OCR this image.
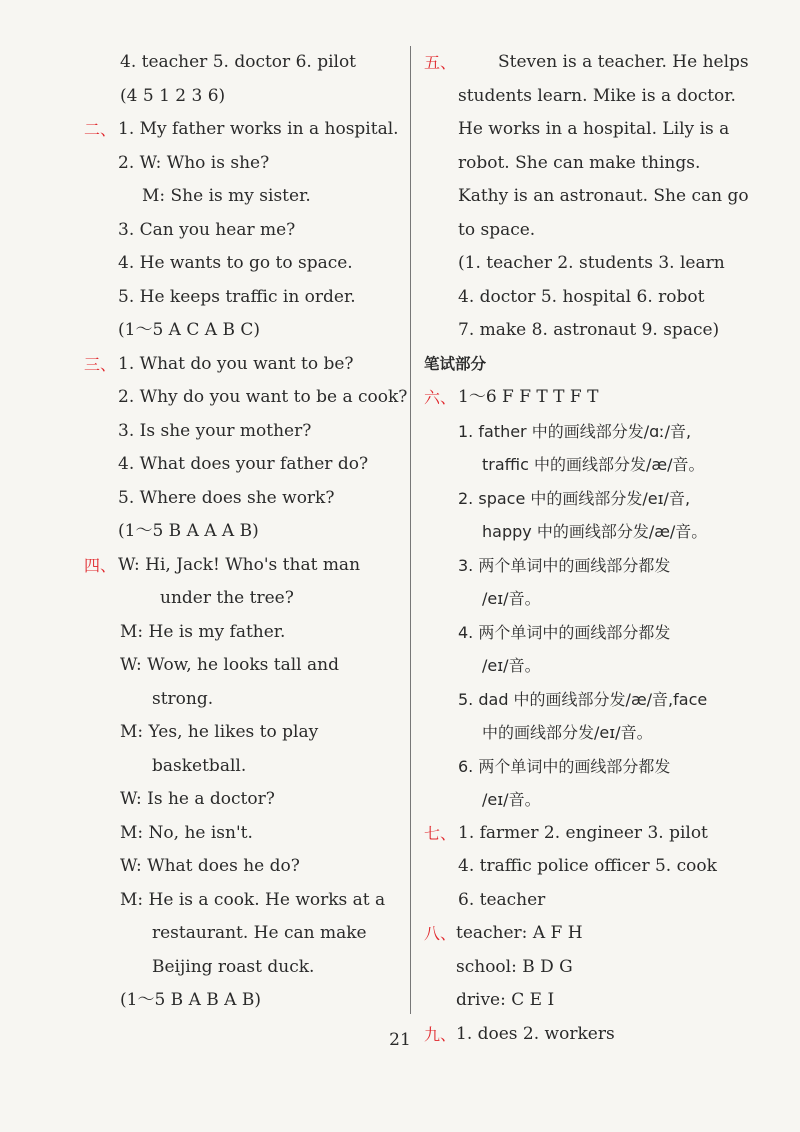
4. teacher 5. doctor 6. pilot
(4 5 1 2 3 6)
二、 1. My father works in a hospital.
2. W: Who is she?
M: She is my sister.
3. Can you hear me?
4. He wants to go to space.
5. He keeps traffic in order.
(1～5 A C A B C)
三、 1. What do you want to be?
2. Why do you want to be a cook?
3. Is she your mother?
4. What does your father do?
5. Where does she work?
(1～5 B A A A B)
四、 W: Hi, Jack! Who's that man
under the tree?
M: He is my father.
W: Wow, he looks tall and
strong.
M: Yes, he likes to play
basketball.
W: Is he a doctor?
M: No, he isn't.
W: What does he do?
M: He is a cook. He works at a
restaurant. He can make
Beijing roast duck.
(1～5 B A B A B)
五、 Steven is a teacher. He helps
students learn. Mike is a doctor.
He works in a hospital. Lily is a
robot. She can make things.
Kathy is an astronaut. She can go
to space.
(1. teacher 2. students 3. learn
4. doctor 5. hospital 6. robot
7. make 8. astronaut 9. space)
笔试部分
六、 1～6 F F T T F T
1. father 中的画线部分发/ɑː/音,
traffic 中的画线部分发/æ/音。
2. space 中的画线部分发/eɪ/音,
happy 中的画线部分发/æ/音。
3. 两个单词中的画线部分都发
/eɪ/音。
4. 两个单词中的画线部分都发
/eɪ/音。
5. dad 中的画线部分发/æ/音,face
中的画线部分发/eɪ/音。
6. 两个单词中的画线部分都发
/eɪ/音。
七、 1. farmer 2. engineer 3. pilot
4. traffic police officer 5. cook
6. teacher
八、 teacher: A F H
school: B D G
drive: C E I
九、 1. does 2. workers
21
